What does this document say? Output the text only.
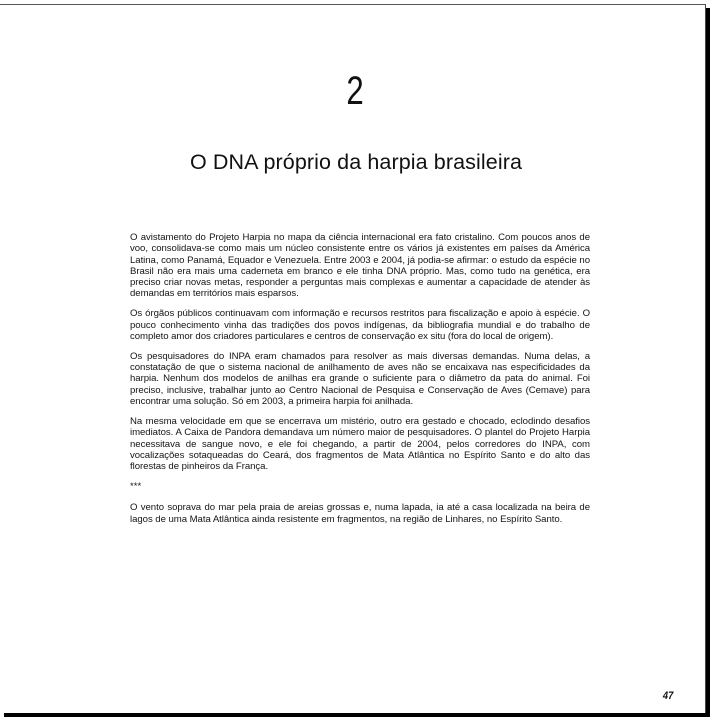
2
O DNA próprio da harpia brasileira

O avistamento do Projeto Harpia no mapa da ciência internacional era fato cristalino. Com poucos anos de voo, consolidava-se como mais um núcleo consistente entre os vários já existentes em países da América Latina, como Panamá, Equador e Venezuela. Entre 2003 e 2004, já podia-se afirmar: o estudo da espécie no Brasil não era mais uma caderneta em branco e ele tinha DNA próprio. Mas, como tudo na genética, era preciso criar novas metas, responder a perguntas mais complexas e aumentar a capacidade de atender às demandas em territórios mais esparsos.

Os órgãos públicos continuavam com informação e recursos restritos para fiscalização e apoio à espécie. O pouco conhecimento vinha das tradições dos povos indígenas, da bibliografia mundial e do trabalho de completo amor dos criadores particulares e centros de conservação ex situ (fora do local de origem).

Os pesquisadores do INPA eram chamados para resolver as mais diversas demandas. Numa delas, a constatação de que o sistema nacional de anilhamento de aves não se encaixava nas especificidades da harpia. Nenhum dos modelos de anilhas era grande o suficiente para o diâmetro da pata do animal. Foi preciso, inclusive, trabalhar junto ao Centro Nacional de Pesquisa e Conservação de Aves (Cemave) para encontrar uma solução. Só em 2003, a primeira harpia foi anilhada.

Na mesma velocidade em que se encerrava um mistério, outro era gestado e chocado, eclodindo desafios imediatos. A Caixa de Pandora demandava um número maior de pesquisadores. O plantel do Projeto Harpia necessitava de sangue novo, e ele foi chegando, a partir de 2004, pelos corredores do INPA, com vocalizações sotaqueadas do Ceará, dos fragmentos de Mata Atlântica no Espírito Santo e do alto das florestas de pinheiros da França.

***

O vento soprava do mar pela praia de areias grossas e, numa lapada, ia até a casa localizada na beira de lagos de uma Mata Atlântica ainda resistente em fragmentos, na região de Linhares, no Espírito Santo.

47
